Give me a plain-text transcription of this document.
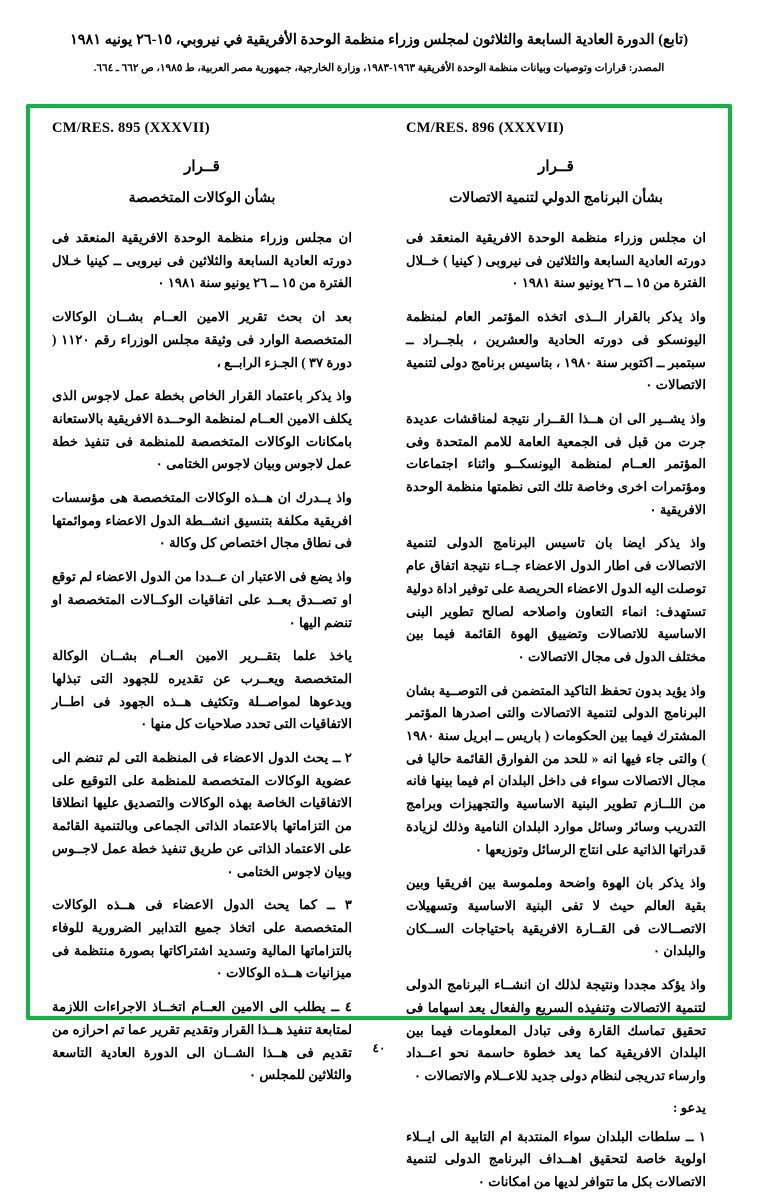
(تابع) الدورة العادية السابعة والثلاثون لمجلس وزراء منظمة الوحدة الأفريقية في نيروبي، ١٥-٢٦ يونيه ١٩٨١
المصدر: قرارات وتوصيات وبيانات منظمة الوحدة الأفريقية ١٩٦٣-١٩٨٣، وزارة الخارجية، جمهورية مصر العربية، ط ١٩٨٥، ص ٦٦٢ ـ ٦٦٤.
CM/RES. 896 (XXXVII)
قــرار
بشأن البرنامج الدولي لتنمية الاتصالات

ان مجلس وزراء منظمة الوحدة الافريقية المنعقد فى دورته العادية السابعة والثلاثين فى نيروبى ( كينيا ) خــلال الفترة من ١٥ ــ ٢٦ يونيو سنة ١٩٨١ ٠

واذ يذكر بالقرار الــذى اتخذه المؤتمر العام لمنظمة اليونسكو فى دورته الحادية والعشرين ، بلجــراد ــ سبتمبر ــ اكتوبر سنة ١٩٨٠ ، بتاسيس برنامج دولى لتنمية الاتصالات ٠

واذ يشــير الى ان هــذا القــرار نتيجة لمناقشات عديدة جرت من قبل فى الجمعية العامة للامم المتحدة وفى المؤتمر العــام لمنظمة اليونسكــو واثناء اجتماعات ومؤتمرات اخرى وخاصة تلك التى نظمتها منظمة الوحدة الافريقية ٠

واذ يذكر ايضا بان تاسيس البرنامج الدولى لتنمية الاتصالات فى اطار الدول الاعضاء جــاء نتيجة اتفاق عام توصلت اليه الدول الاعضاء الحريصة على توفير اداة دولية تستهدف: انماء التعاون واصلاحه لصالح تطوير البنى الاساسية للاتصالات وتضييق الهوة القائمة فيما بين مختلف الدول فى مجال الاتصالات ٠

واذ يؤيد بدون تحفظ التاكيد المتضمن فى التوصــية بشان البرنامج الدولى لتنمية الاتصالات والتى اصدرها المؤتمر المشترك فيما بين الحكومات ( باريس ــ ابريل سنة ١٩٨٠ ) والتى جاء فيها انه « للحد من الفوارق القائمة حاليا فى مجال الاتصالات سواء فى داخل البلدان ام فيما بينها فانه من اللــازم تطوير البنية الاساسية والتجهيزات وبرامج التدريب وسائر وسائل موارد البلدان النامية وذلك لزيادة قدراتها الذاتية على انتاج الرسائل وتوزيعها ٠

واذ يذكر بان الهوة واضحة وملموسة بين افريقيا وبين بقية العالم حيث لا تفى البنية الاساسية وتسهيلات الاتصــالات فى القــارة الافريقية باحتياجات الســكان والبلدان ٠

واذ يؤكد مجددا ونتيجة لذلك ان انشــاء البرنامج الدولى لتنمية الاتصالات وتنفيذه السريع والفعال يعد اسهاما فى تحقيق تماسك القارة وفى تبادل المعلومات فيما بين البلدان الافريقية كما يعد خطوة حاسمة نحو اعــداد وارساء تدريجى لنظام دولى جديد للاعــلام والاتصالات ٠

يدعو :

١ ــ سلطات البلدان سواء المنتدبة ام التابية الى ايــلاء اولوية خاصة لتحقيق اهــداف البرنامج الدولى لتنمية الاتصالات بكل ما تتوافر لديها من امكانات ٠

CM/RES. 895 (XXXVII)
قــرار
بشأن الوكالات المتخصصة

ان مجلس وزراء منظمة الوحدة الافريقية المنعقد فى دورته العادية السابعة والثلاثين فى نيروبى ــ كينيا خـلال الفترة من ١٥ ــ ٢٦ يونيو سنة ١٩٨١ ٠

بعد ان بحث تقرير الامين العــام بشــان الوكالات المتخصصة الوارد فى وثيقة مجلس الوزراء رقم ١١٢٠ ( دورة ٣٧ ) الجـزء الرابــع ،

واذ يذكر باعتماد القرار الخاص بخطة عمل لاجوس الذى يكلف الامين العــام لمنظمة الوحــدة الافريقية بالاستعانة بامكانات الوكالات المتخصصة للمنظمة فى تنفيذ خطة عمل لاجوس وبيان لاجوس الختامى ٠

واذ يــدرك ان هــذه الوكالات المتخصصة هى مؤسسات افريقية مكلفة بتنسيق انشــطة الدول الاعضاء وموائمتها فى نطاق مجال اختصاص كل وكالة ٠

واذ يضع فى الاعتبار ان عــددا من الدول الاعضاء لم توقع او تصــدق بعــد على اتفاقيات الوكــالات المتخصصة او تنضم اليها ٠

ياخذ علما بتقــرير الامين العــام بشــان الوكالة المتخصصة ويعــرب عن تقديره للجهود التى تبذلها ويدعوها لمواصــلة وتكثيف هــذه الجهود فى اطــار الاتفاقيات التى تحدد صلاحيات كل منها ٠

٢ ــ يحث الدول الاعضاء فى المنظمة التى لم تنضم الى عضوية الوكالات المتخصصة للمنظمة على التوقيع على الاتفاقيات الخاصة بهذه الوكالات والتصديق عليها انطلاقا من التزاماتها بالاعتماد الذاتى الجماعى وبالتنمية القائمة على الاعتماد الذاتى عن طريق تنفيذ خطة عمل لاجــوس وبيان لاجوس الختامى ٠

٣ ــ كما يحث الدول الاعضاء فى هــذه الوكالات المتخصصة على اتخاذ جميع التدابير الضرورية للوفاء بالتزاماتها المالية وتسديد اشتراكاتها بصورة منتظمة فى ميزانيات هــذه الوكالات ٠

٤ ــ يطلب الى الامين العــام اتخــاذ الاجراءات اللازمة لمتابعة تنفيذ هــذا القرار وتقديم تقرير عما تم احرازه من تقديم فى هــذا الشــان الى الدورة العادية التاسعة والثلاثين للمجلس ٠

٤٠
